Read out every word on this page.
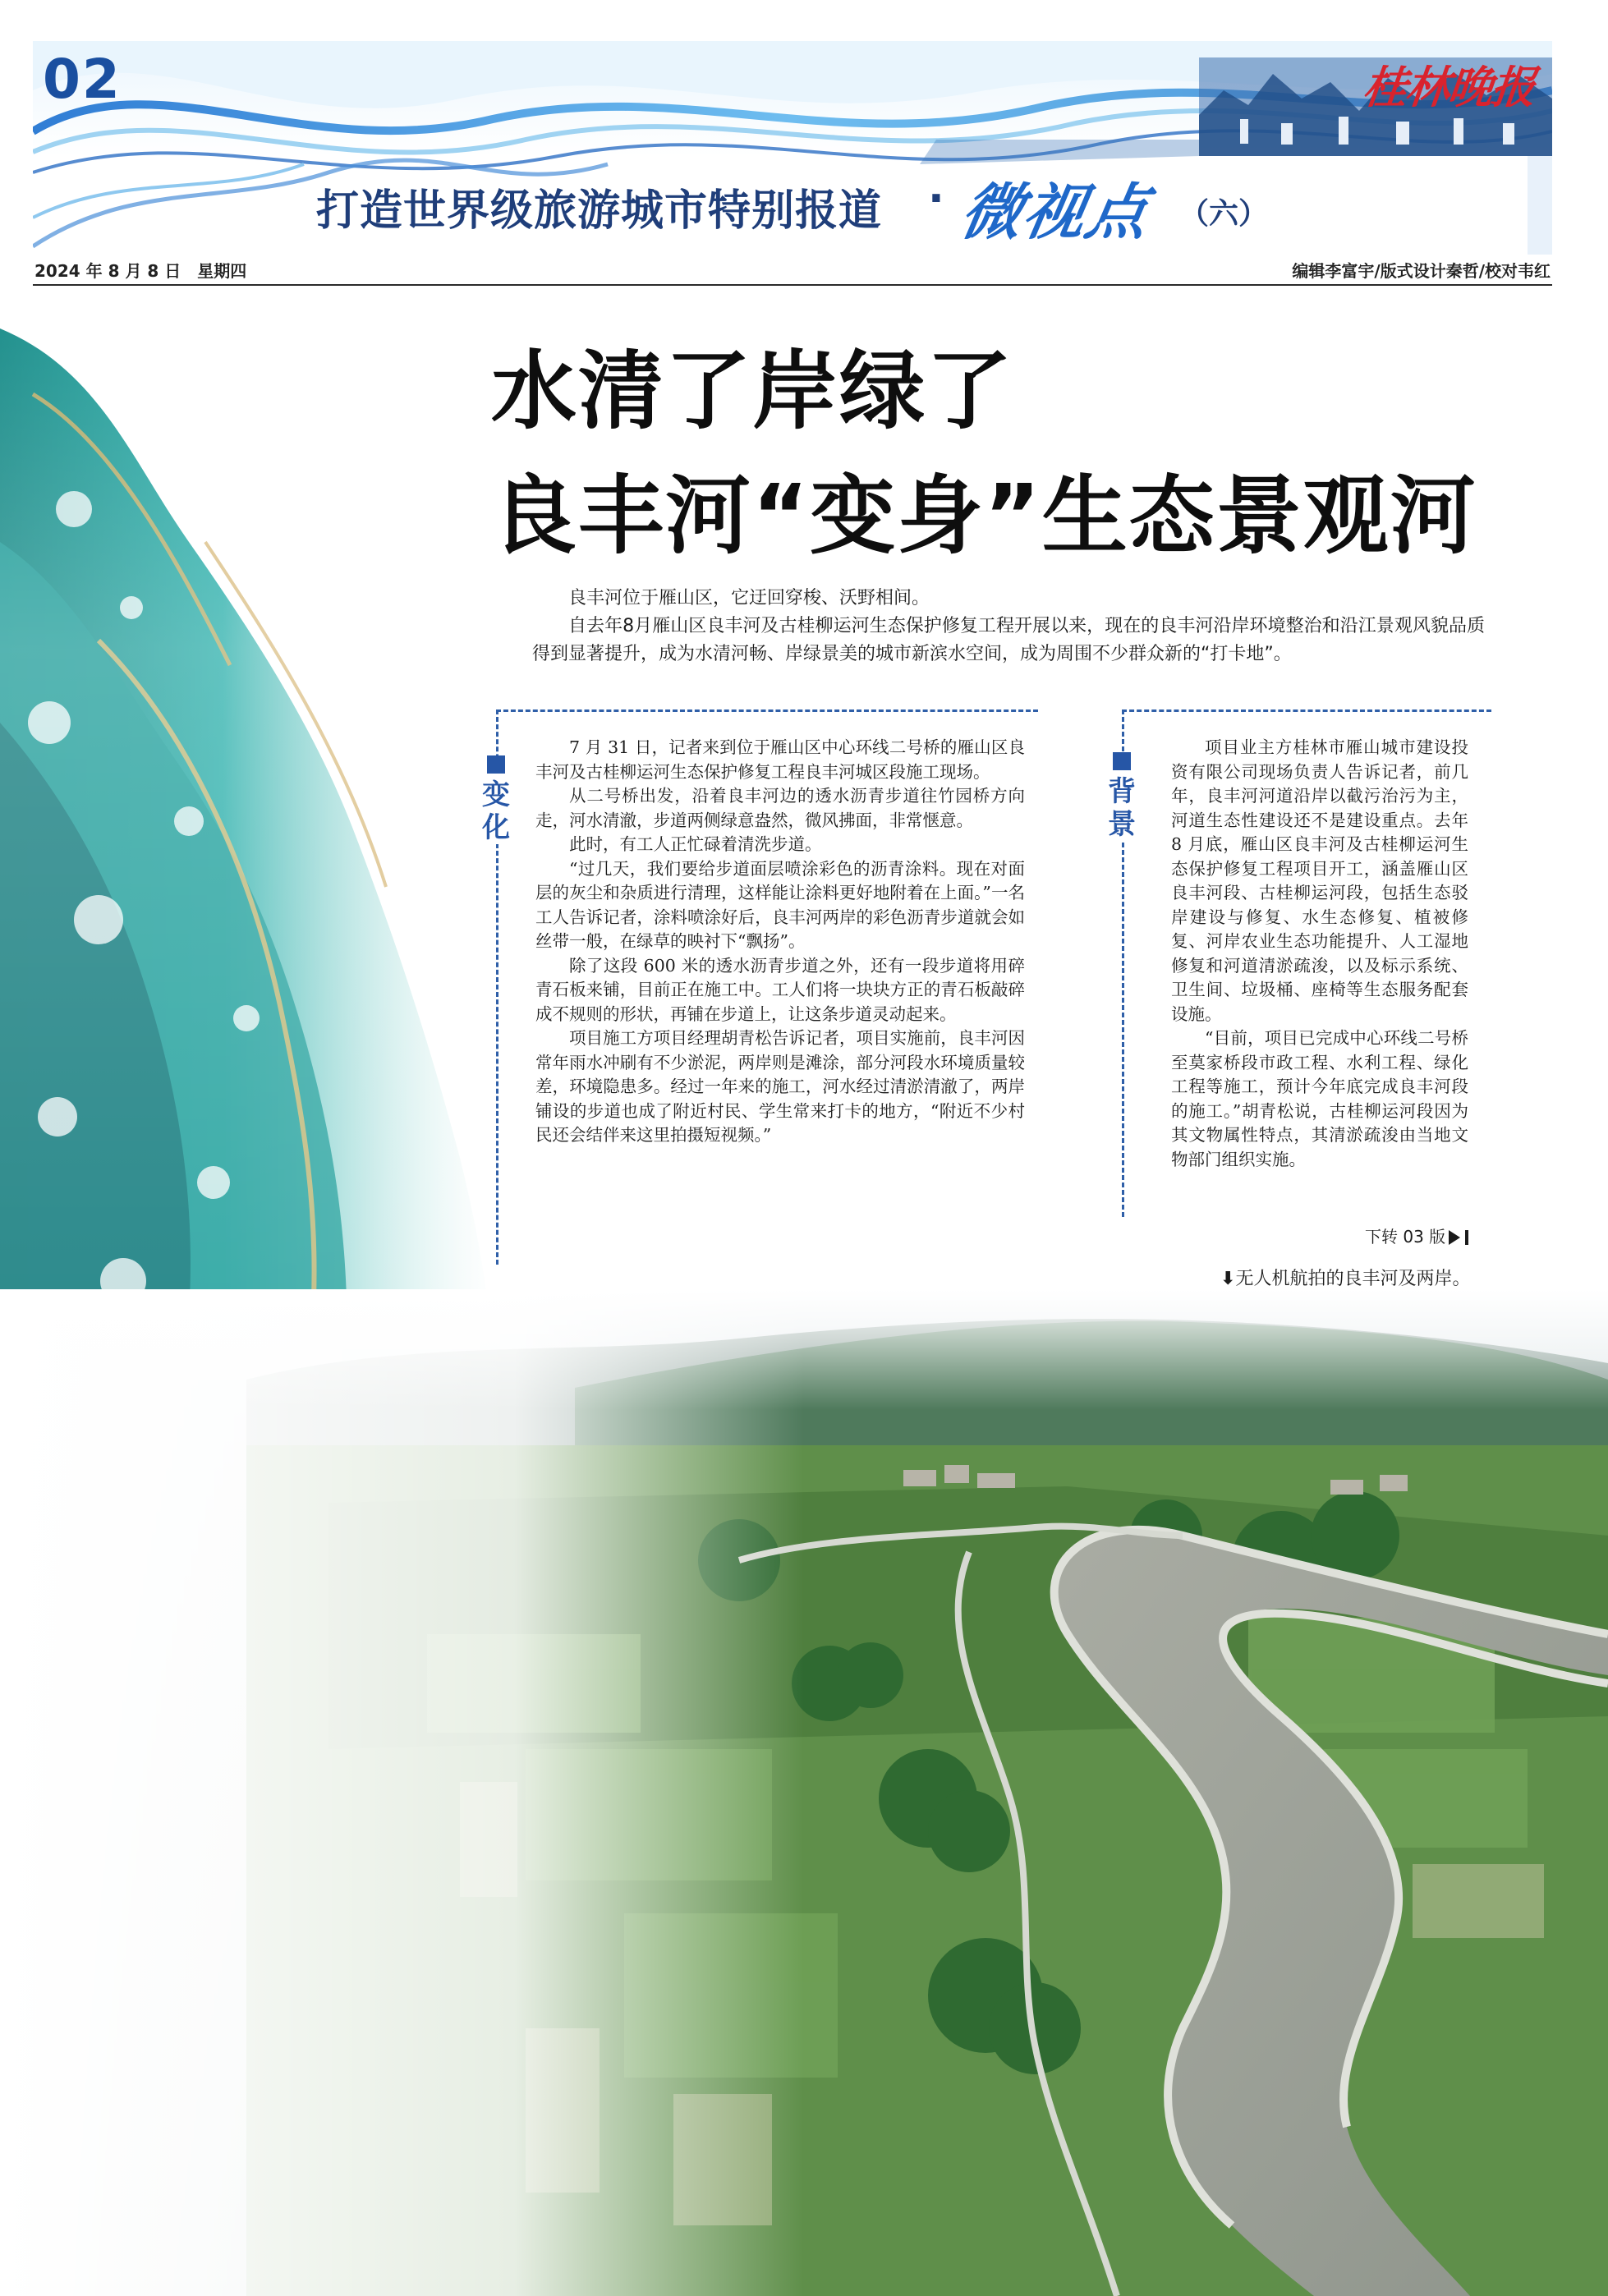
02	桂林晚报
打造世界级旅游城市特别报道 · 微视点 （六）
2024 年 8 月 8 日　星期四	编辑李富宇/版式设计秦哲/校对韦红
水清了岸绿了
良丰河“变身”生态景观河

良丰河位于雁山区，它迂回穿梭、沃野相间。

自去年8月雁山区良丰河及古桂柳运河生态保护修复工程开展以来，现在的良丰河沿岸环境整治和沿江景观风貌品质得到显著提升，成为水清河畅、岸绿景美的城市新滨水空间，成为周围不少群众新的“打卡地”。

变化

7 月 31 日，记者来到位于雁山区中心环线二号桥的雁山区良丰河及古桂柳运河生态保护修复工程良丰河城区段施工现场。

从二号桥出发，沿着良丰河边的透水沥青步道往竹园桥方向走，河水清澈，步道两侧绿意盎然，微风拂面，非常惬意。

此时，有工人正忙碌着清洗步道。

“过几天，我们要给步道面层喷涂彩色的沥青涂料。现在对面层的灰尘和杂质进行清理，这样能让涂料更好地附着在上面。”一名工人告诉记者，涂料喷涂好后，良丰河两岸的彩色沥青步道就会如丝带一般，在绿草的映衬下“飘扬”。

除了这段 600 米的透水沥青步道之外，还有一段步道将用碎青石板来铺，目前正在施工中。工人们将一块块方正的青石板敲碎成不规则的形状，再铺在步道上，让这条步道灵动起来。

项目施工方项目经理胡青松告诉记者，项目实施前，良丰河因常年雨水冲刷有不少淤泥，两岸则是滩涂，部分河段水环境质量较差，环境隐患多。经过一年来的施工，河水经过清淤清澈了，两岸铺设的步道也成了附近村民、学生常来打卡的地方，“附近不少村民还会结伴来这里拍摄短视频。”

背景

项目业主方桂林市雁山城市建设投资有限公司现场负责人告诉记者，前几年，良丰河河道沿岸以截污治污为主，河道生态性建设还不是建设重点。去年 8 月底，雁山区良丰河及古桂柳运河生态保护修复工程项目开工，涵盖雁山区良丰河段、古桂柳运河段，包括生态驳岸建设与修复、水生态修复、植被修复、河岸农业生态功能提升、人工湿地修复和河道清淤疏浚，以及标示系统、卫生间、垃圾桶、座椅等生态服务配套设施。

“目前，项目已完成中心环线二号桥至莫家桥段市政工程、水利工程、绿化工程等施工，预计今年底完成良丰河段的施工。”胡青松说，古桂柳运河段因为其文物属性特点，其清淤疏浚由当地文物部门组织实施。

下转 03 版
⬇无人机航拍的良丰河及两岸。
